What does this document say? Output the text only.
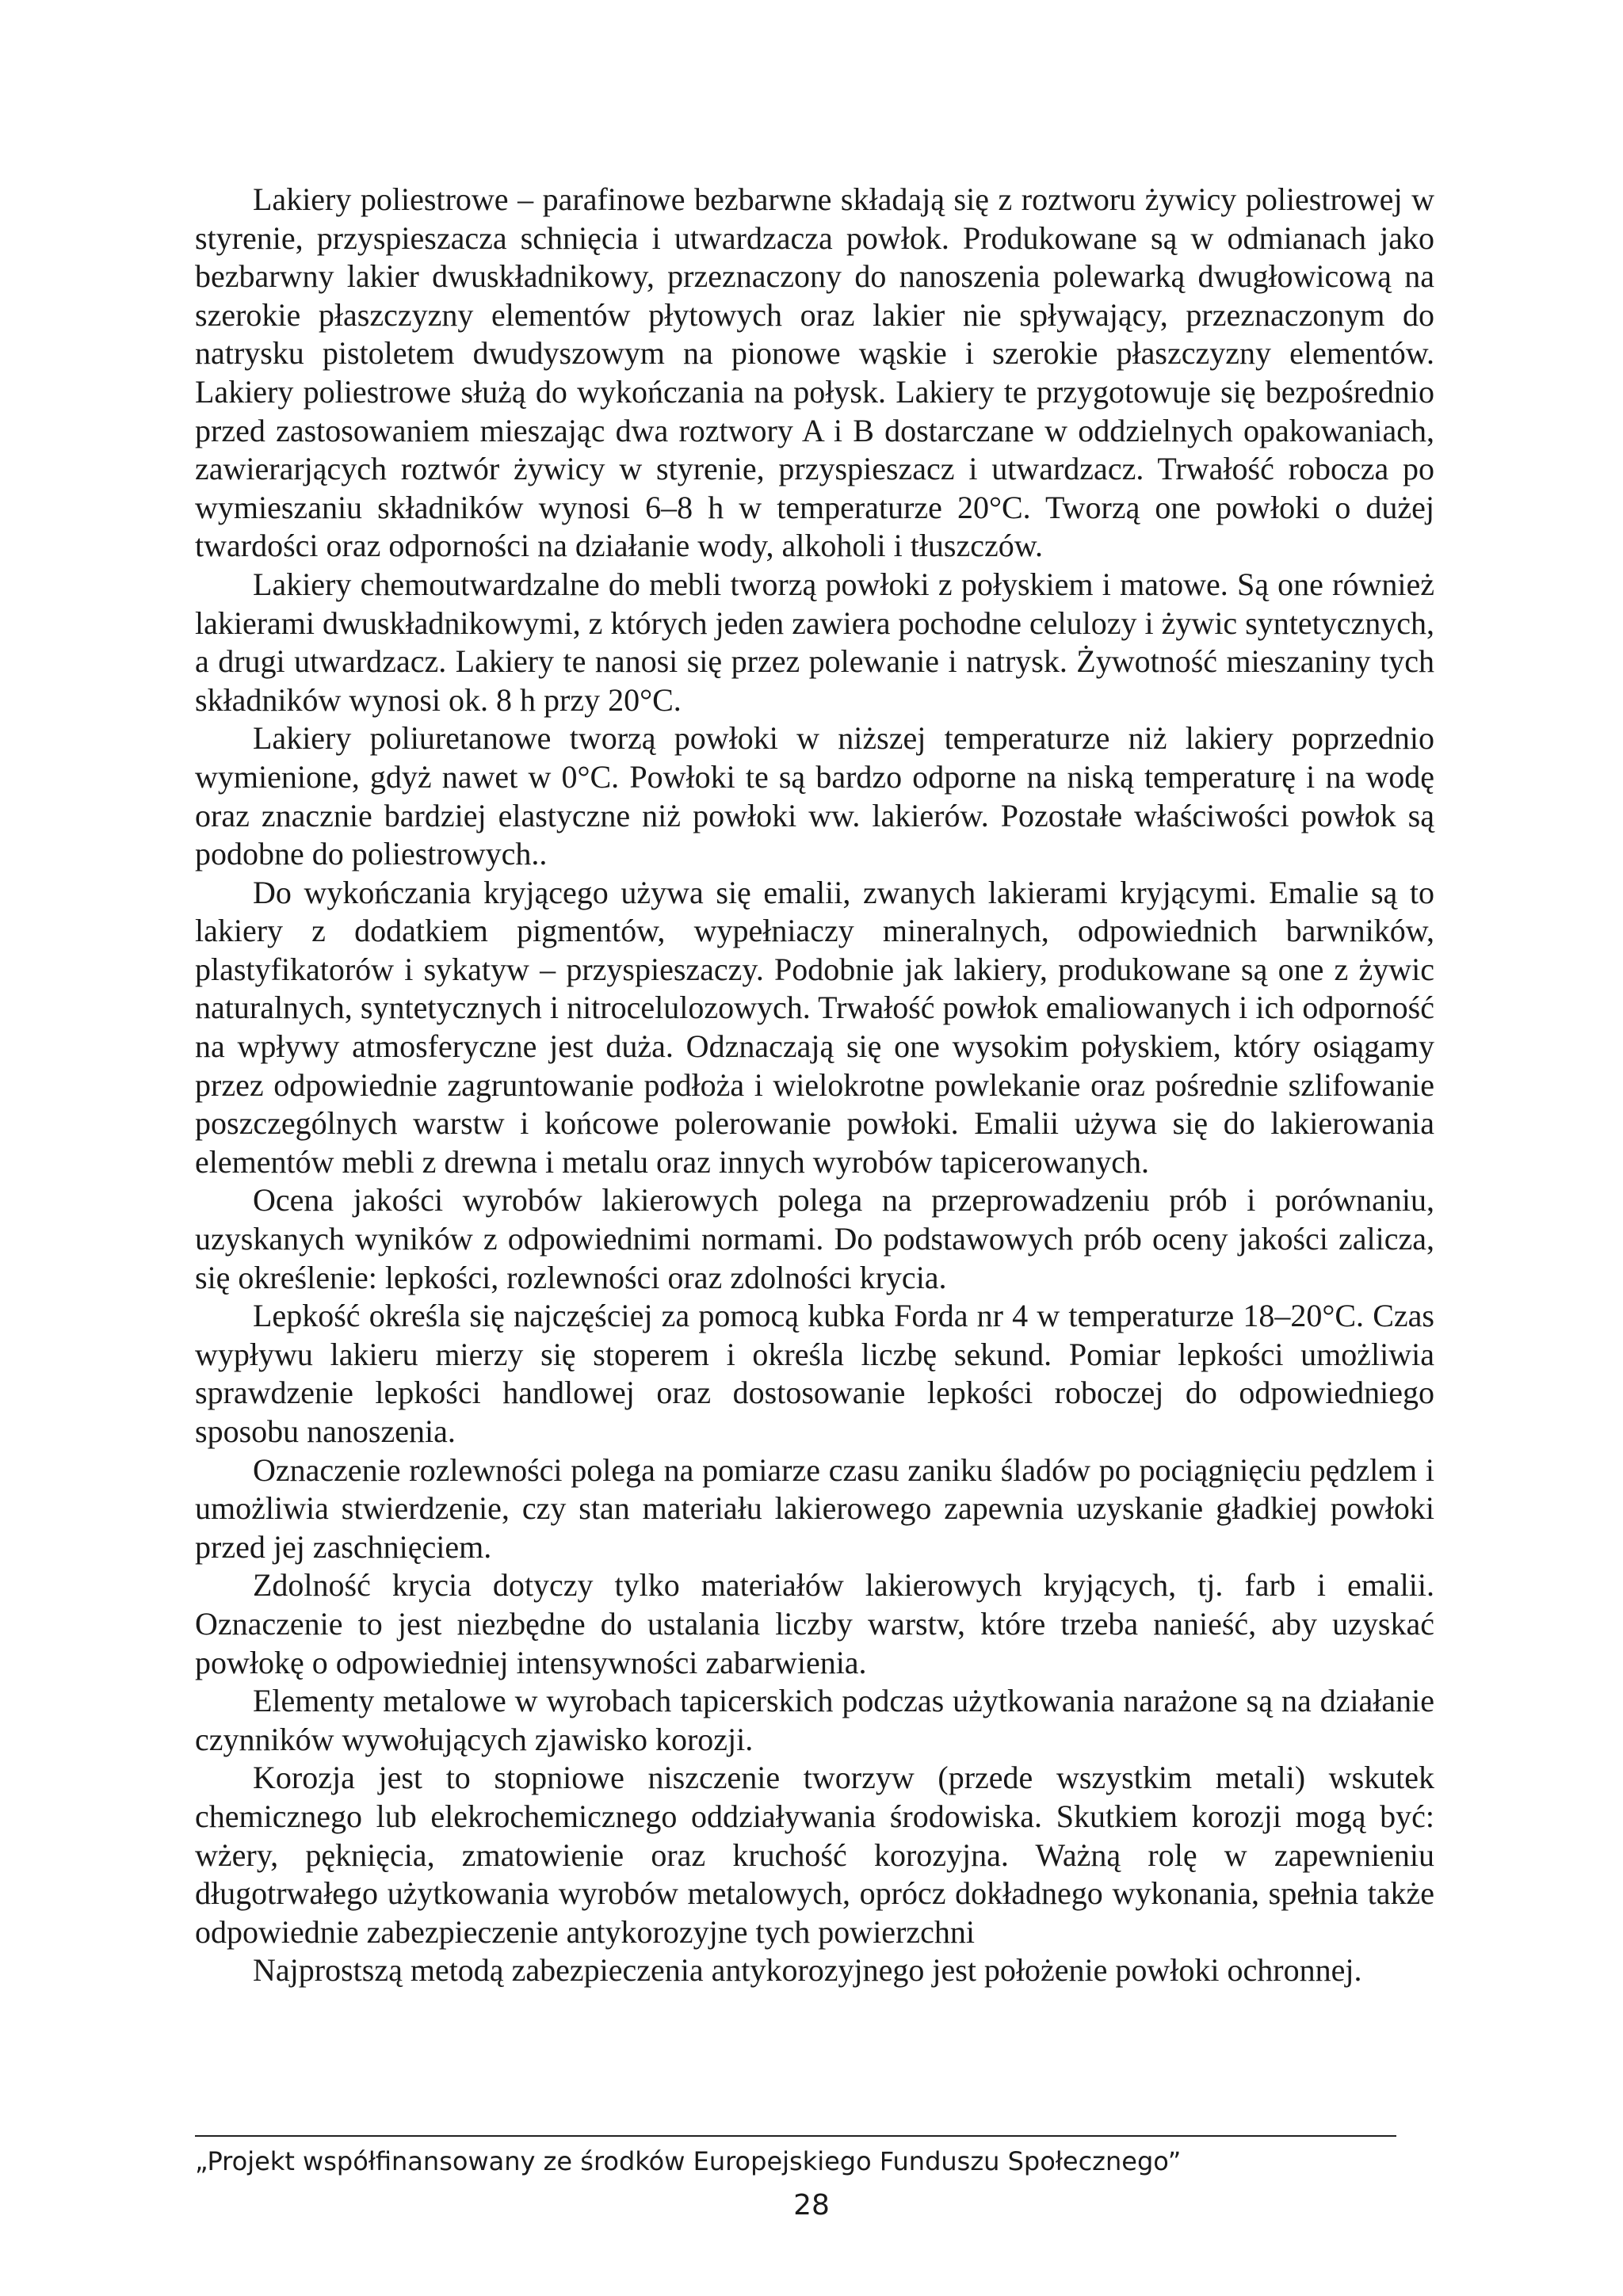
Lakiery poliestrowe – parafinowe bezbarwne składają się z roztworu żywicy poliestrowej w styrenie, przyspieszacza schnięcia i utwardzacza powłok. Produkowane są w odmianach jako bezbarwny lakier dwuskładnikowy, przeznaczony do nanoszenia polewarką dwugłowicową na szerokie płaszczyzny elementów płytowych oraz lakier nie spływający, przeznaczonym do natrysku pistoletem dwudyszowym na pionowe wąskie i szerokie płaszczyzny elementów. Lakiery poliestrowe służą do wykończania na połysk. Lakiery te przygotowuje się bezpośrednio przed zastosowaniem mieszając dwa roztwory A i B dostarczane w oddzielnych opakowaniach, zawierarjących roztwór żywicy w styrenie, przyspieszacz i utwardzacz. Trwałość robocza po wymieszaniu składników wynosi 6–8 h w temperaturze 20°C. Tworzą one powłoki o dużej twardości oraz odporności na działanie wody, alkoholi i tłuszczów.

Lakiery chemoutwardzalne do mebli tworzą powłoki z połyskiem i matowe. Są one również lakierami dwuskładnikowymi, z których jeden zawiera pochodne celulozy i żywic syntetycznych, a drugi utwardzacz. Lakiery te nanosi się przez polewanie i natrysk. Żywotność mieszaniny tych składników wynosi ok. 8 h przy 20°C.

Lakiery poliuretanowe tworzą powłoki w niższej temperaturze niż lakiery poprzednio wymienione, gdyż nawet w 0°C. Powłoki te są bardzo odporne na niską temperaturę i na wodę oraz znacznie bardziej elastyczne niż powłoki ww. lakierów. Pozostałe właściwości powłok są podobne do poliestrowych..

Do wykończania kryjącego używa się emalii, zwanych lakierami kryjącymi. Emalie są to lakiery z dodatkiem pigmentów, wypełniaczy mineralnych, odpowiednich barwników, plastyfikatorów i sykatyw – przyspieszaczy. Podobnie jak lakiery, produkowane są one z żywic naturalnych, syntetycznych i nitrocelulozowych. Trwałość powłok emaliowanych i ich odporność na wpływy atmosferyczne jest duża. Odznaczają się one wysokim połyskiem, który osiągamy przez odpowiednie zagruntowanie podłoża i wielokrotne powlekanie oraz pośrednie szlifowanie poszczególnych warstw i końcowe polerowanie powłoki. Emalii używa się do lakierowania elementów mebli z drewna i metalu oraz innych wyrobów tapicerowanych.

Ocena jakości wyrobów lakierowych polega na przeprowadzeniu prób i porównaniu, uzyskanych wyników z odpowiednimi normami. Do podstawowych prób oceny jakości zalicza, się określenie: lepkości, rozlewności oraz zdolności krycia.

Lepkość określa się najczęściej za pomocą kubka Forda nr 4 w temperaturze 18–20°C. Czas wypływu lakieru mierzy się stoperem i określa liczbę sekund. Pomiar lepkości umożliwia sprawdzenie lepkości handlowej oraz dostosowanie lepkości roboczej do odpowiedniego sposobu nanoszenia.

Oznaczenie rozlewności polega na pomiarze czasu zaniku śladów po pociągnięciu pędzlem i umożliwia stwierdzenie, czy stan materiału lakierowego zapewnia uzyskanie gładkiej powłoki przed jej zaschnięciem.

Zdolność krycia dotyczy tylko materiałów lakierowych kryjących, tj. farb i emalii. Oznaczenie to jest niezbędne do ustalania liczby warstw, które trzeba nanieść, aby uzyskać powłokę o odpowiedniej intensywności zabarwienia.

Elementy metalowe w wyrobach tapicerskich podczas użytkowania narażone są na działanie czynników wywołujących zjawisko korozji.

Korozja jest to stopniowe niszczenie tworzyw (przede wszystkim metali) wskutek chemicznego lub elekrochemicznego oddziaływania środowiska. Skutkiem korozji mogą być: wżery, pęknięcia, zmatowienie oraz kruchość korozyjna. Ważną rolę w zapewnieniu długotrwałego użytkowania wyrobów metalowych, oprócz dokładnego wykonania, spełnia także odpowiednie zabezpieczenie antykorozyjne tych powierzchni

Najprostszą metodą zabezpieczenia antykorozyjnego jest położenie powłoki ochronnej.

„Projekt współfinansowany ze środków Europejskiego Funduszu Społecznego”
28
